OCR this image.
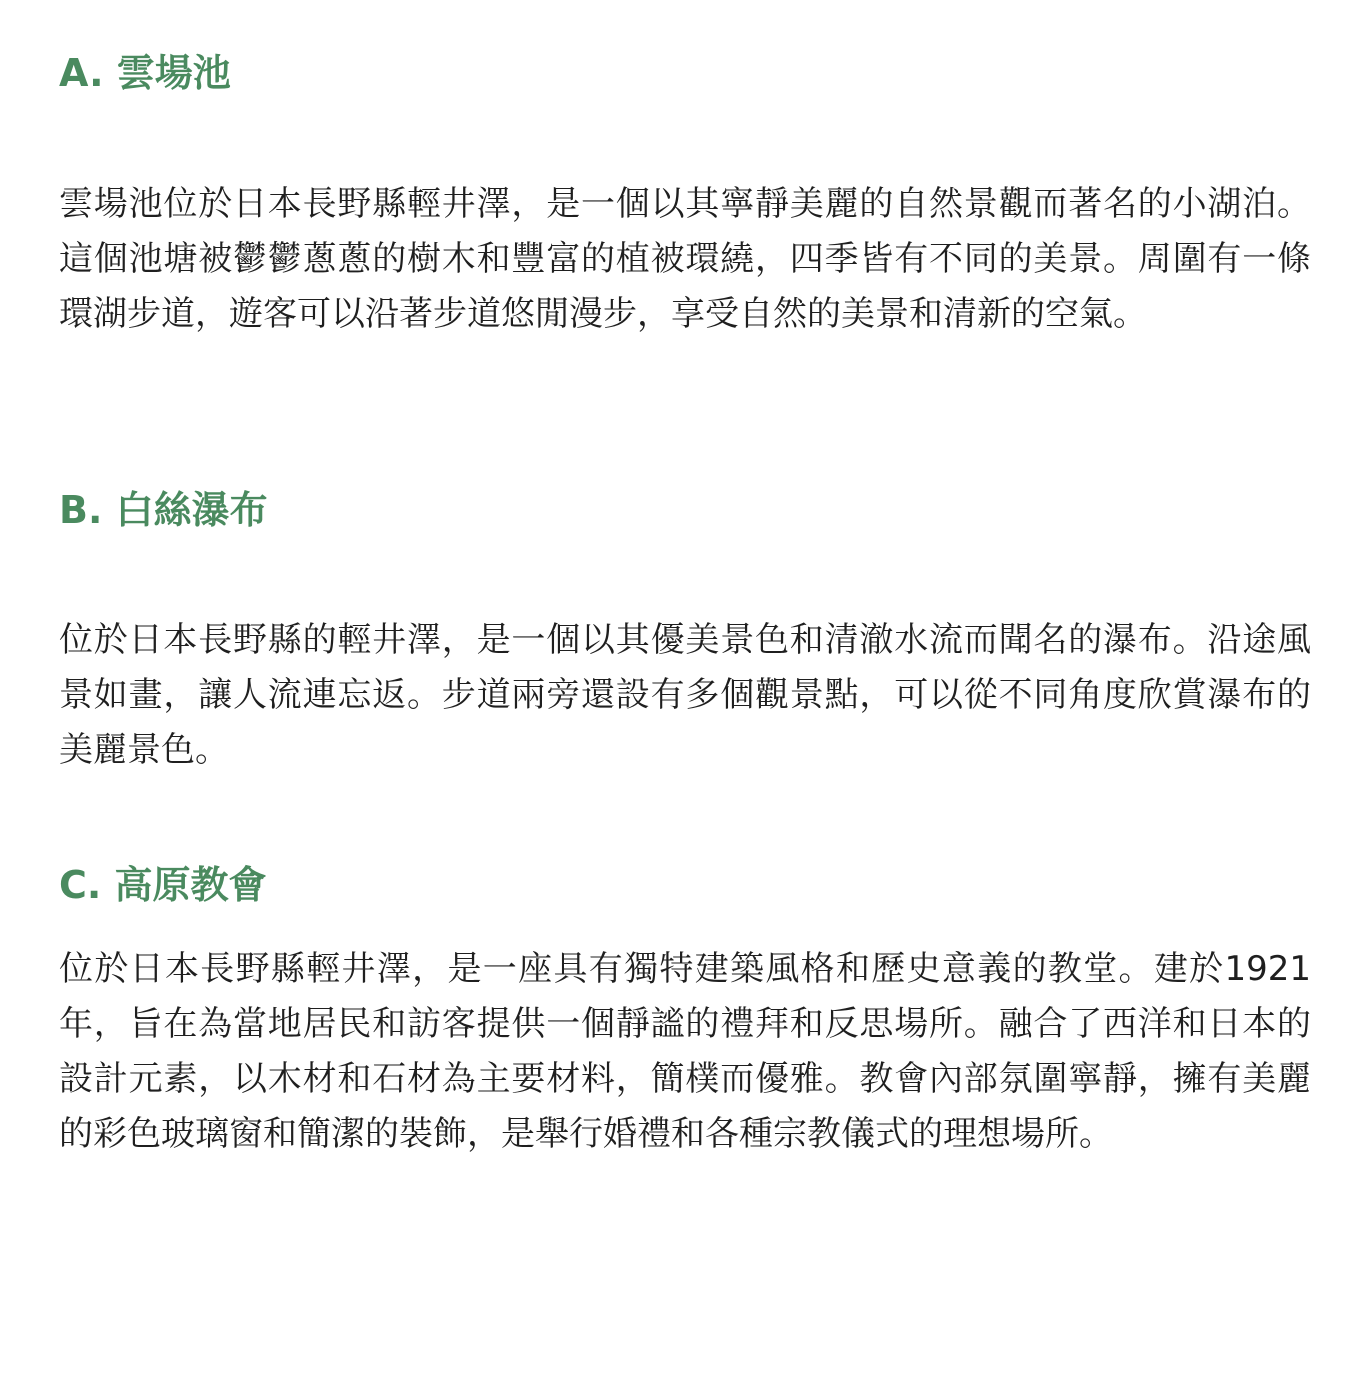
A. 雲場池

雲場池位於日本長野縣輕井澤，是一個以其寧靜美麗的自然景觀而著名的小湖泊。這個池塘被鬱鬱蔥蔥的樹木和豐富的植被環繞，四季皆有不同的美景。周圍有一條環湖步道，遊客可以沿著步道悠閒漫步，享受自然的美景和清新的空氣。

B. 白絲瀑布

位於日本長野縣的輕井澤，是一個以其優美景色和清澈水流而聞名的瀑布。沿途風景如畫，讓人流連忘返。步道兩旁還設有多個觀景點，可以從不同角度欣賞瀑布的美麗景色。

C. 高原教會

位於日本長野縣輕井澤，是一座具有獨特建築風格和歷史意義的教堂。建於1921年，旨在為當地居民和訪客提供一個靜謐的禮拜和反思場所。融合了西洋和日本的設計元素，以木材和石材為主要材料，簡樸而優雅。教會內部氛圍寧靜，擁有美麗的彩色玻璃窗和簡潔的裝飾，是舉行婚禮和各種宗教儀式的理想場所。
